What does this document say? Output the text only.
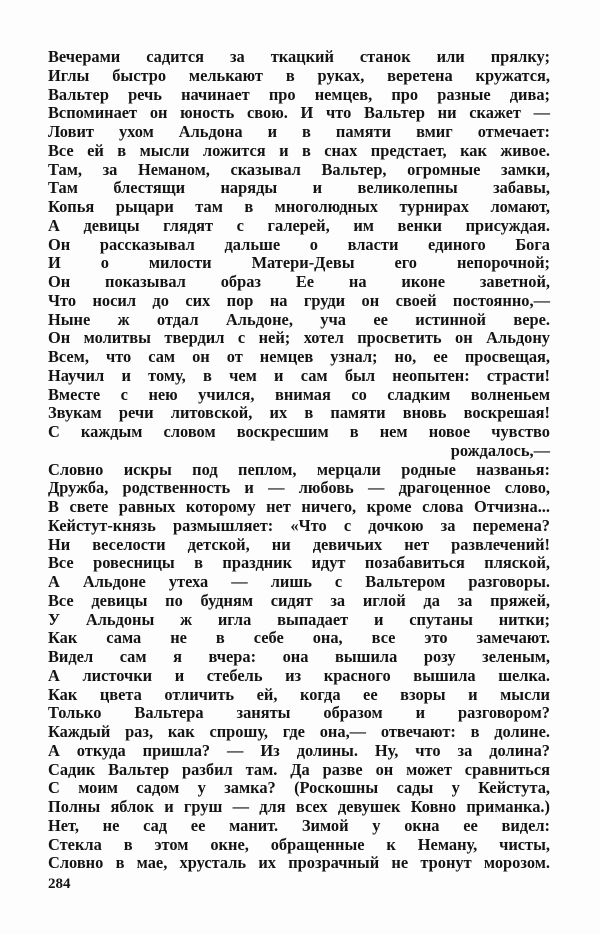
Вечерами садится за ткацкий станок или прялку;
Иглы быстро мелькают в руках, веретена кружатся,
Вальтер речь начинает про немцев, про разные дива;
Вспоминает он юность свою. И что Вальтер ни скажет —
Ловит ухом Альдона и в памяти вмиг отмечает:
Все ей в мысли ложится и в снах предстает, как живое.
Там, за Неманом, сказывал Вальтер, огромные замки,
Там блестящи наряды и великолепны забавы,
Копья рыцари там в многолюдных турнирах ломают,
А девицы глядят с галерей, им венки присуждая.
Он рассказывал дальше о власти единого Бога
И о милости Матери-Девы его непорочной;
Он показывал образ Ее на иконе заветной,
Что носил до сих пор на груди он своей постоянно,—
Ныне ж отдал Альдоне, уча ее истинной вере.
Он молитвы твердил с ней; хотел просветить он Альдону
Всем, что сам он от немцев узнал; но, ее просвещая,
Научил и тому, в чем и сам был неопытен: страсти!
Вместе с нею учился, внимая со сладким волненьем
Звукам речи литовской, их в памяти вновь воскрешая!
С каждым словом воскресшим в нем новое чувство
рождалось,—
Словно искры под пеплом, мерцали родные названья:
Дружба, родственность и — любовь — драгоценное слово,
В свете равных которому нет ничего, кроме слова Отчизна...
Кейстут-князь размышляет: «Что с дочкою за перемена?
Ни веселости детской, ни девичьих нет развлечений!
Все ровесницы в праздник идут позабавиться пляской,
А Альдоне утеха — лишь с Вальтером разговоры.
Все девицы по будням сидят за иглой да за пряжей,
У Альдоны ж игла выпадает и спутаны нитки;
Как сама не в себе она, все это замечают.
Видел сам я вчера: она вышила розу зеленым,
А листочки и стебель из красного вышила шелка.
Как цвета отличить ей, когда ее взоры и мысли
Только Вальтера заняты образом и разговором?
Каждый раз, как спрошу, где она,— отвечают: в долине.
А откуда пришла? — Из долины. Ну, что за долина?
Садик Вальтер разбил там. Да разве он может сравниться
С моим садом у замка? (Роскошны сады у Кейстута,
Полны яблок и груш — для всех девушек Ковно приманка.)
Нет, не сад ее манит. Зимой у окна ее видел:
Стекла в этом окне, обращенные к Неману, чисты,
Словно в мае, хрусталь их прозрачный не тронут морозом.
284
